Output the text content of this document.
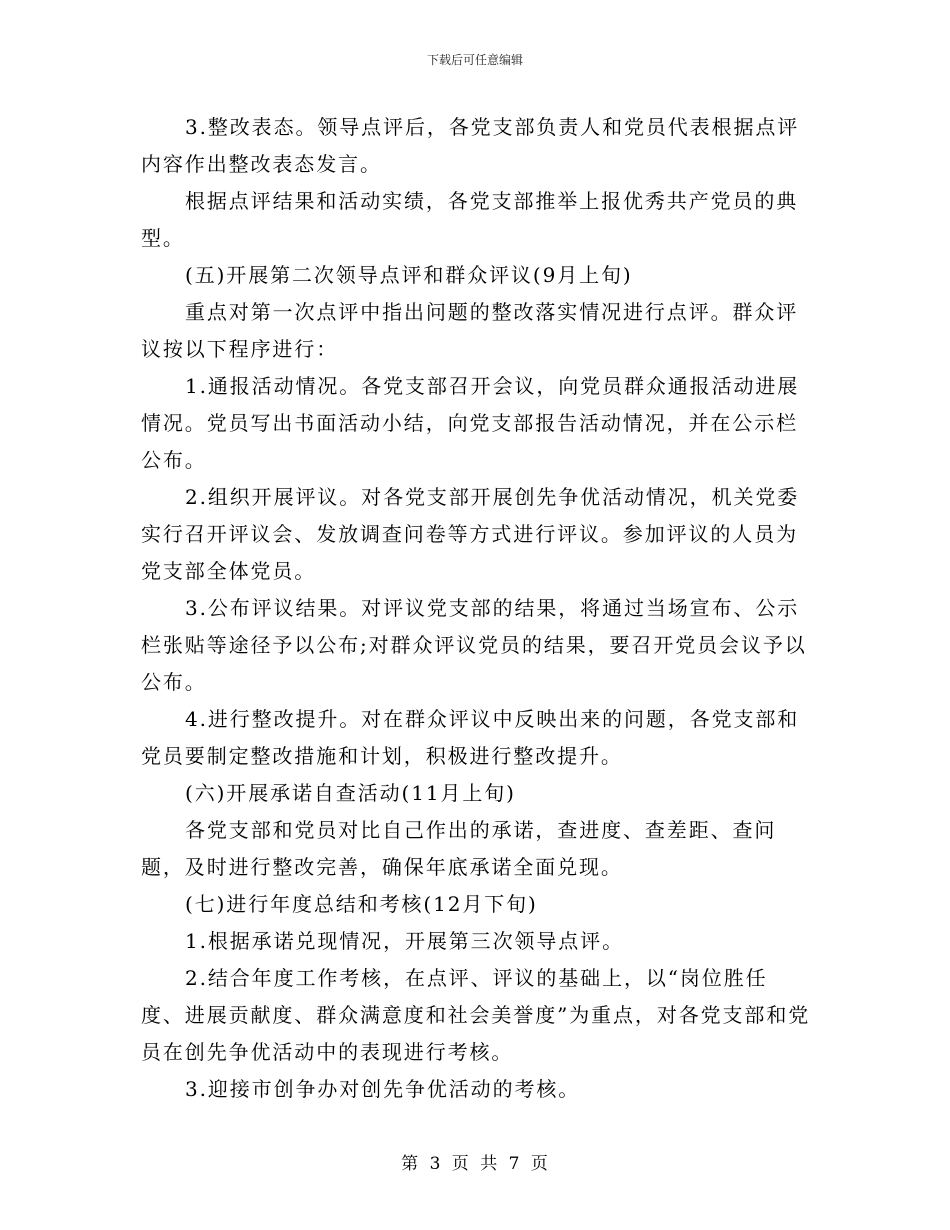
下载后可任意编辑

3.整改表态。领导点评后，各党支部负责人和党员代表根据点评内容作出整改表态发言。

根据点评结果和活动实绩，各党支部推举上报优秀共产党员的典型。

(五)开展第二次领导点评和群众评议(9月上旬)

重点对第一次点评中指出问题的整改落实情况进行点评。群众评议按以下程序进行：

1.通报活动情况。各党支部召开会议，向党员群众通报活动进展情况。党员写出书面活动小结，向党支部报告活动情况，并在公示栏公布。

2.组织开展评议。对各党支部开展创先争优活动情况，机关党委实行召开评议会、发放调查问卷等方式进行评议。参加评议的人员为党支部全体党员。

3.公布评议结果。对评议党支部的结果，将通过当场宣布、公示栏张贴等途径予以公布;对群众评议党员的结果，要召开党员会议予以公布。

4.进行整改提升。对在群众评议中反映出来的问题，各党支部和党员要制定整改措施和计划，积极进行整改提升。

(六)开展承诺自查活动(11月上旬)

各党支部和党员对比自己作出的承诺，查进度、查差距、查问题，及时进行整改完善，确保年底承诺全面兑现。

(七)进行年度总结和考核(12月下旬)

1.根据承诺兑现情况，开展第三次领导点评。

2.结合年度工作考核，在点评、评议的基础上，以“岗位胜任度、进展贡献度、群众满意度和社会美誉度”为重点，对各党支部和党员在创先争优活动中的表现进行考核。

3.迎接市创争办对创先争优活动的考核。

第 3 页 共 7 页
